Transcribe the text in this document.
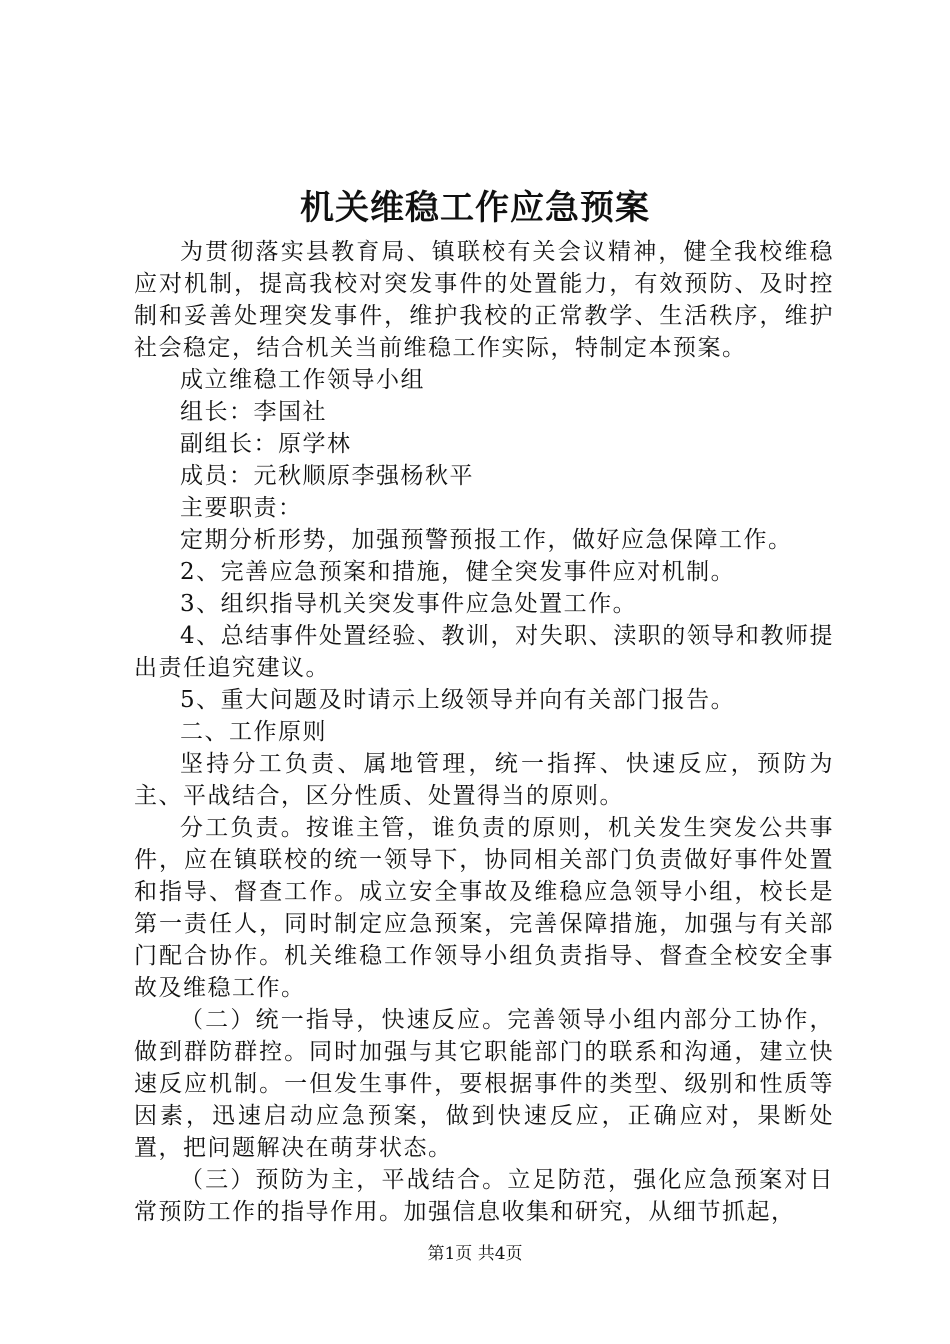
机关维稳工作应急预案

为贯彻落实县教育局、镇联校有关会议精神，健全我校维稳应对机制，提高我校对突发事件的处置能力，有效预防、及时控制和妥善处理突发事件，维护我校的正常教学、生活秩序，维护社会稳定，结合机关当前维稳工作实际，特制定本预案。

成立维稳工作领导小组

组长：李国社

副组长：原学林

成员：元秋顺原李强杨秋平

主要职责：

定期分析形势，加强预警预报工作，做好应急保障工作。

2、完善应急预案和措施，健全突发事件应对机制。

3、组织指导机关突发事件应急处置工作。

4、总结事件处置经验、教训，对失职、渎职的领导和教师提出责任追究建议。

5、重大问题及时请示上级领导并向有关部门报告。

二、工作原则

坚持分工负责、属地管理，统一指挥、快速反应，预防为主、平战结合，区分性质、处置得当的原则。

分工负责。按谁主管，谁负责的原则，机关发生突发公共事件，应在镇联校的统一领导下，协同相关部门负责做好事件处置和指导、督查工作。成立安全事故及维稳应急领导小组，校长是第一责任人，同时制定应急预案，完善保障措施，加强与有关部门配合协作。机关维稳工作领导小组负责指导、督查全校安全事故及维稳工作。

（二）统一指导，快速反应。完善领导小组内部分工协作，做到群防群控。同时加强与其它职能部门的联系和沟通，建立快速反应机制。一但发生事件，要根据事件的类型、级别和性质等因素，迅速启动应急预案，做到快速反应，正确应对，果断处置，把问题解决在萌芽状态。

（三）预防为主，平战结合。立足防范，强化应急预案对日常预防工作的指导作用。加强信息收集和研究，从细节抓起，

第1页 共4页
